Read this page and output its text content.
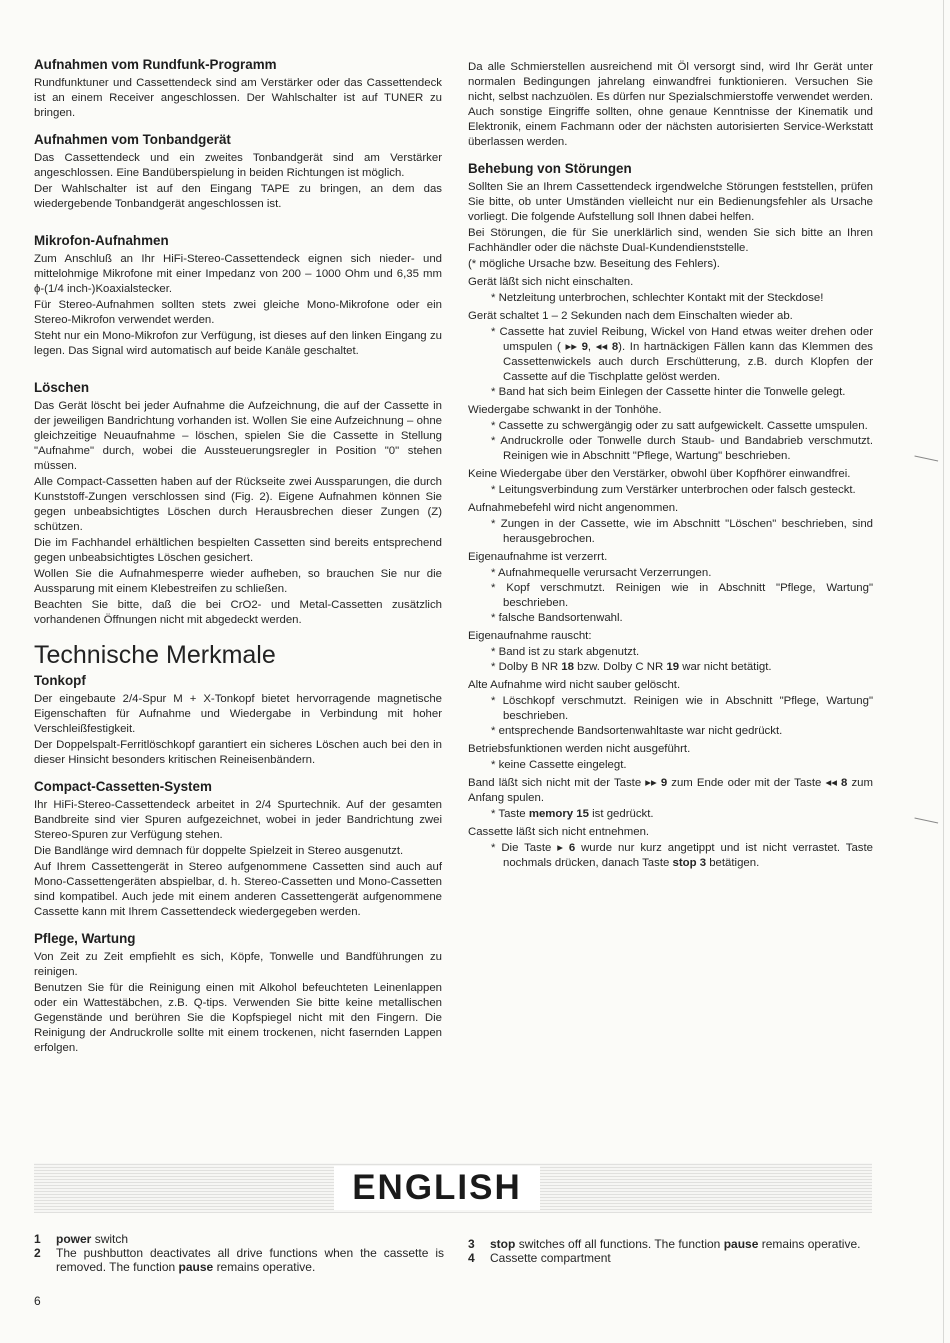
Aufnahmen vom Rundfunk-Programm

Rundfunktuner und Cassettendeck sind am Verstärker oder das Cassettendeck ist an einem Receiver angeschlossen. Der Wahlschalter ist auf TUNER zu bringen.

Aufnahmen vom Tonbandgerät

Das Cassettendeck und ein zweites Tonbandgerät sind am Verstärker angeschlossen. Eine Bandüberspielung in beiden Richtungen ist möglich.

Der Wahlschalter ist auf den Eingang TAPE zu bringen, an dem das wiedergebende Tonbandgerät angeschlossen ist.

Mikrofon-Aufnahmen

Zum Anschluß an Ihr HiFi-Stereo-Cassettendeck eignen sich nieder- und mittelohmige Mikrofone mit einer Impedanz von 200 – 1000 Ohm und 6,35 mm ϕ-(1/4 inch-)Koaxialstecker.

Für Stereo-Aufnahmen sollten stets zwei gleiche Mono-Mikrofone oder ein Stereo-Mikrofon verwendet werden.

Steht nur ein Mono-Mikrofon zur Verfügung, ist dieses auf den linken Eingang zu legen. Das Signal wird automatisch auf beide Kanäle geschaltet.

Löschen

Das Gerät löscht bei jeder Aufnahme die Aufzeichnung, die auf der Cassette in der jeweiligen Bandrichtung vorhanden ist. Wollen Sie eine Aufzeichnung – ohne gleichzeitige Neuaufnahme – löschen, spielen Sie die Cassette in Stellung "Aufnahme" durch, wobei die Aussteuerungsregler in Position "0" stehen müssen.

Alle Compact-Cassetten haben auf der Rückseite zwei Aussparungen, die durch Kunststoff-Zungen verschlossen sind (Fig. 2). Eigene Aufnahmen können Sie gegen unbeabsichtigtes Löschen durch Herausbrechen dieser Zungen (Z) schützen.

Die im Fachhandel erhältlichen bespielten Cassetten sind bereits entsprechend gegen unbeabsichtigtes Löschen gesichert.

Wollen Sie die Aufnahmesperre wieder aufheben, so brauchen Sie nur die Aussparung mit einem Klebestreifen zu schließen.

Beachten Sie bitte, daß die bei CrO2- und Metal-Cassetten zusätzlich vorhandenen Öffnungen nicht mit abgedeckt werden.

Technische Merkmale
Tonkopf

Der eingebaute 2/4-Spur M + X-Tonkopf bietet hervorragende magnetische Eigenschaften für Aufnahme und Wiedergabe in Verbindung mit hoher Verschleißfestigkeit.

Der Doppelspalt-Ferritlöschkopf garantiert ein sicheres Löschen auch bei den in dieser Hinsicht besonders kritischen Reineisenbändern.

Compact-Cassetten-System

Ihr HiFi-Stereo-Cassettendeck arbeitet in 2/4 Spurtechnik. Auf der gesamten Bandbreite sind vier Spuren aufgezeichnet, wobei in jeder Bandrichtung zwei Stereo-Spuren zur Verfügung stehen.

Die Bandlänge wird demnach für doppelte Spielzeit in Stereo ausgenutzt.

Auf Ihrem Cassettengerät in Stereo aufgenommene Cassetten sind auch auf Mono-Cassettengeräten abspielbar, d. h. Stereo-Cassetten und Mono-Cassetten sind kompatibel. Auch jede mit einem anderen Cassettengerät aufgenommene Cassette kann mit Ihrem Cassettendeck wiedergegeben werden.

Pflege, Wartung

Von Zeit zu Zeit empfiehlt es sich, Köpfe, Tonwelle und Bandführungen zu reinigen.

Benutzen Sie für die Reinigung einen mit Alkohol befeuchteten Leinenlappen oder ein Wattestäbchen, z.B. Q-tips. Verwenden Sie bitte keine metallischen Gegenstände und berühren Sie die Kopfspiegel nicht mit den Fingern. Die Reinigung der Andruckrolle sollte mit einem trockenen, nicht fasernden Lappen erfolgen.

Da alle Schmierstellen ausreichend mit Öl versorgt sind, wird Ihr Gerät unter normalen Bedingungen jahrelang einwandfrei funktionieren. Versuchen Sie nicht, selbst nachzuölen. Es dürfen nur Spezialschmierstoffe verwendet werden. Auch sonstige Eingriffe sollten, ohne genaue Kenntnisse der Kinematik und Elektronik, einem Fachmann oder der nächsten autorisierten Service-Werkstatt überlassen werden.

Behebung von Störungen

Sollten Sie an Ihrem Cassettendeck irgendwelche Störungen feststellen, prüfen Sie bitte, ob unter Umständen vielleicht nur ein Bedienungsfehler als Ursache vorliegt. Die folgende Aufstellung soll Ihnen dabei helfen.

Bei Störungen, die für Sie unerklärlich sind, wenden Sie sich bitte an Ihren Fachhändler oder die nächste Dual-Kundendienststelle.

(* mögliche Ursache bzw. Beseitung des Fehlers).

Gerät läßt sich nicht einschalten.

* Netzleitung unterbrochen, schlechter Kontakt mit der Steckdose!

Gerät schaltet 1 – 2 Sekunden nach dem Einschalten wieder ab.

* Cassette hat zuviel Reibung, Wickel von Hand etwas weiter drehen oder umspulen ( ▸▸ 9, ◂◂ 8). In hartnäckigen Fällen kann das Klemmen des Cassettenwickels auch durch Erschütterung, z.B. durch Klopfen der Cassette auf die Tischplatte gelöst werden.

* Band hat sich beim Einlegen der Cassette hinter die Tonwelle gelegt.

Wiedergabe schwankt in der Tonhöhe.

* Cassette zu schwergängig oder zu satt aufgewickelt. Cassette umspulen.

* Andruckrolle oder Tonwelle durch Staub- und Bandabrieb verschmutzt. Reinigen wie in Abschnitt "Pflege, Wartung" beschrieben.

Keine Wiedergabe über den Verstärker, obwohl über Kopfhörer einwandfrei.

* Leitungsverbindung zum Verstärker unterbrochen oder falsch gesteckt.

Aufnahmebefehl wird nicht angenommen.

* Zungen in der Cassette, wie im Abschnitt "Löschen" beschrieben, sind herausgebrochen.

Eigenaufnahme ist verzerrt.

* Aufnahmequelle verursacht Verzerrungen.

* Kopf verschmutzt. Reinigen wie in Abschnitt "Pflege, Wartung" beschrieben.

* falsche Bandsortenwahl.

Eigenaufnahme rauscht:

* Band ist zu stark abgenutzt.

* Dolby B NR 18 bzw. Dolby C NR 19 war nicht betätigt.

Alte Aufnahme wird nicht sauber gelöscht.

* Löschkopf verschmutzt. Reinigen wie in Abschnitt "Pflege, Wartung" beschrieben.

* entsprechende Bandsortenwahltaste war nicht gedrückt.

Betriebsfunktionen werden nicht ausgeführt.

* keine Cassette eingelegt.

Band läßt sich nicht mit der Taste ▸▸ 9 zum Ende oder mit der Taste ◂◂ 8 zum Anfang spulen.

* Taste memory 15 ist gedrückt.

Cassette läßt sich nicht entnehmen.

* Die Taste ▸ 6 wurde nur kurz angetippt und ist nicht verrastet. Taste nochmals drücken, danach Taste stop 3 betätigen.

ENGLISH

1 power switch

2 The pushbutton deactivates all drive functions when the cassette is removed. The function pause remains operative.

3 stop switches off all functions. The function pause remains operative.

4 Cassette compartment

6
